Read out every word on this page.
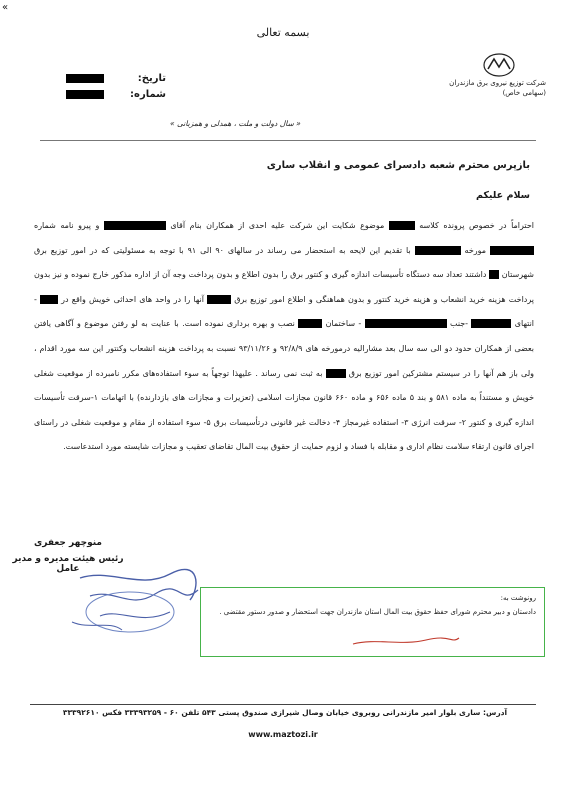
«
بسمه تعالی
تاریخ:
شماره:
شرکت توزیع نیروی برق مازندران
(سهامی خاص)
« سال دولت و ملت ، همدلی و همزبانی »
بازپرس محترم شعبه دادسرای عمومی و انقلاب ساری
سلام علیکم
احتراماً در خصوص پرونده کلاسه  موضوع شکایت این شرکت علیه احدی از همکاران بنام آقای  و پیرو نامه شماره  مورخه  با تقدیم این لایحه به استحضار می رساند در سالهای ۹۰ الی ۹۱ با توجه به مسئولیتی که در امور توزیع برق شهرستان  داشتند تعداد سه دستگاه تأسیسات اندازه گیری و کنتور برق را بدون اطلاع و بدون پرداخت وجه آن از اداره مذکور خارج نموده و نیز بدون پرداخت هزینه خرید انشعاب و هزینه خرید کنتور و بدون هماهنگی و اطلاع امور توزیع برق  آنها را در واحد های احداثی خویش واقع در  - انتهای  -جنب  - ساختمان  نصب و بهره برداری نموده است. با عنایت به لو رفتن موضوع و آگاهی یافتن بعضی از همکاران حدود دو الی سه سال بعد مشارالیه درمورخه های ۹۲/۸/۹ و ۹۳/۱۱/۲۶ نسبت به پرداخت هزینه انشعاب وکنتور این سه مورد اقدام ، ولی باز هم آنها را در سیستم مشترکین امور توزیع برق  به ثبت نمی رساند . علیهذا توجهاً به سوء استفاده‌های مکرر نامبرده از موقعیت شغلی خویش و مستنداً به ماده ۵۸۱ و بند ۵ ماده ۶۵۶ و ماده ۶۶۰ قانون مجازات اسلامی (تعزیرات و مجازات های بازدارنده) با اتهامات ۱-سرقت تأسیسات اندازه گیری و کنتور ۲- سرقت انرژی ۳- استفاده غیرمجاز ۴- دخالت غیر قانونی درتأسیسات برق ۵- سوء استفاده از مقام و موقعیت شغلی در راستای اجرای قانون ارتقاء سلامت نظام اداری و مقابله با فساد و لزوم حمایت از حقوق بیت المال تقاضای تعقیب و مجازات شایسته مورد استدعاست.
منوچهر جعفری
رئیس هیئت مدیره و مدیر عامل
رونوشت به:
دادستان و دبیر محترم شورای حفظ حقوق بیت المال استان مازندران جهت استحضار و صدور دستور مقتضی .
آدرس: ساری بلوار امیر مازندرانی روبروی خیابان وصال شیرازی صندوق پستی ۵۴۳ تلفن ۶۰ - ۳۳۳۹۳۲۵۹ فکس ۳۳۳۹۲۶۱۰
www.maztozi.ir
